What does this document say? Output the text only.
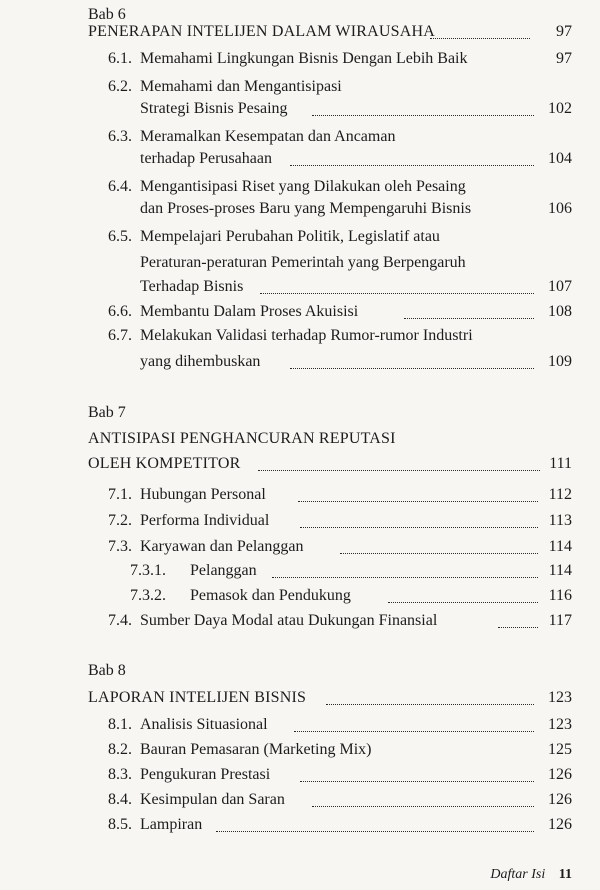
Bab 6
PENERAPAN INTELIJEN DALAM WIRAUSAHA	97
6.1. Memahami Lingkungan Bisnis Dengan Lebih Baik	97
6.2. Memahami dan Mengantisipasi
Strategi Bisnis Pesaing	102
6.3. Meramalkan Kesempatan dan Ancaman
terhadap Perusahaan	104
6.4. Mengantisipasi Riset yang Dilakukan oleh Pesaing
dan Proses-proses Baru yang Mempengaruhi Bisnis	106
6.5. Mempelajari Perubahan Politik, Legislatif atau
Peraturan-peraturan Pemerintah yang Berpengaruh
Terhadap Bisnis	107
6.6. Membantu Dalam Proses Akuisisi	108
6.7. Melakukan Validasi terhadap Rumor-rumor Industri
yang dihembuskan	109
Bab 7
ANTISIPASI PENGHANCURAN REPUTASI
OLEH KOMPETITOR	111
7.1. Hubungan Personal	112
7.2. Performa Individual	113
7.3. Karyawan dan Pelanggan	114
7.3.1. Pelanggan	114
7.3.2. Pemasok dan Pendukung	116
7.4. Sumber Daya Modal atau Dukungan Finansial	117
Bab 8
LAPORAN INTELIJEN BISNIS	123
8.1. Analisis Situasional	123
8.2. Bauran Pemasaran (Marketing Mix)	125
8.3. Pengukuran Prestasi	126
8.4. Kesimpulan dan Saran	126
8.5. Lampiran	126
Daftar Isi 11
